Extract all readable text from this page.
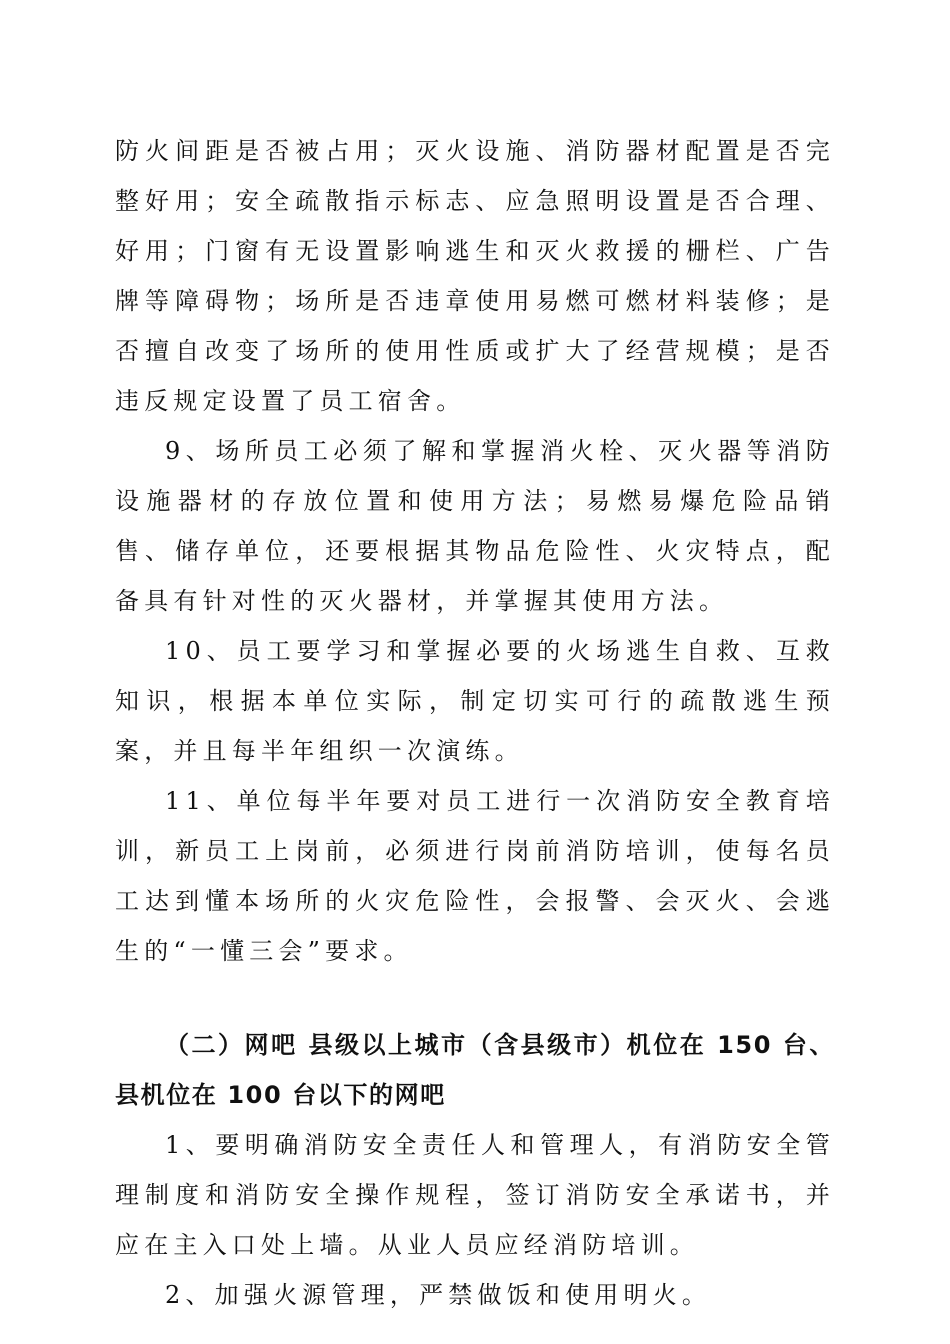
防火间距是否被占用；灭火设施、消防器材配置是否完整好用；安全疏散指示标志、应急照明设置是否合理、好用；门窗有无设置影响逃生和灭火救援的栅栏、广告牌等障碍物；场所是否违章使用易燃可燃材料装修；是否擅自改变了场所的使用性质或扩大了经营规模；是否违反规定设置了员工宿舍。

9、场所员工必须了解和掌握消火栓、灭火器等消防设施器材的存放位置和使用方法；易燃易爆危险品销售、储存单位，还要根据其物品危险性、火灾特点，配备具有针对性的灭火器材，并掌握其使用方法。

10、员工要学习和掌握必要的火场逃生自救、互救知识，根据本单位实际，制定切实可行的疏散逃生预案，并且每半年组织一次演练。

11、单位每半年要对员工进行一次消防安全教育培训，新员工上岗前，必须进行岗前消防培训，使每名员工达到懂本场所的火灾危险性，会报警、会灭火、会逃生的“一懂三会”要求。

（二）网吧 县级以上城市（含县级市）机位在 150 台、县机位在 100 台以下的网吧

1、要明确消防安全责任人和管理人，有消防安全管理制度和消防安全操作规程，签订消防安全承诺书，并应在主入口处上墙。从业人员应经消防培训。

2、加强火源管理，严禁做饭和使用明火。
